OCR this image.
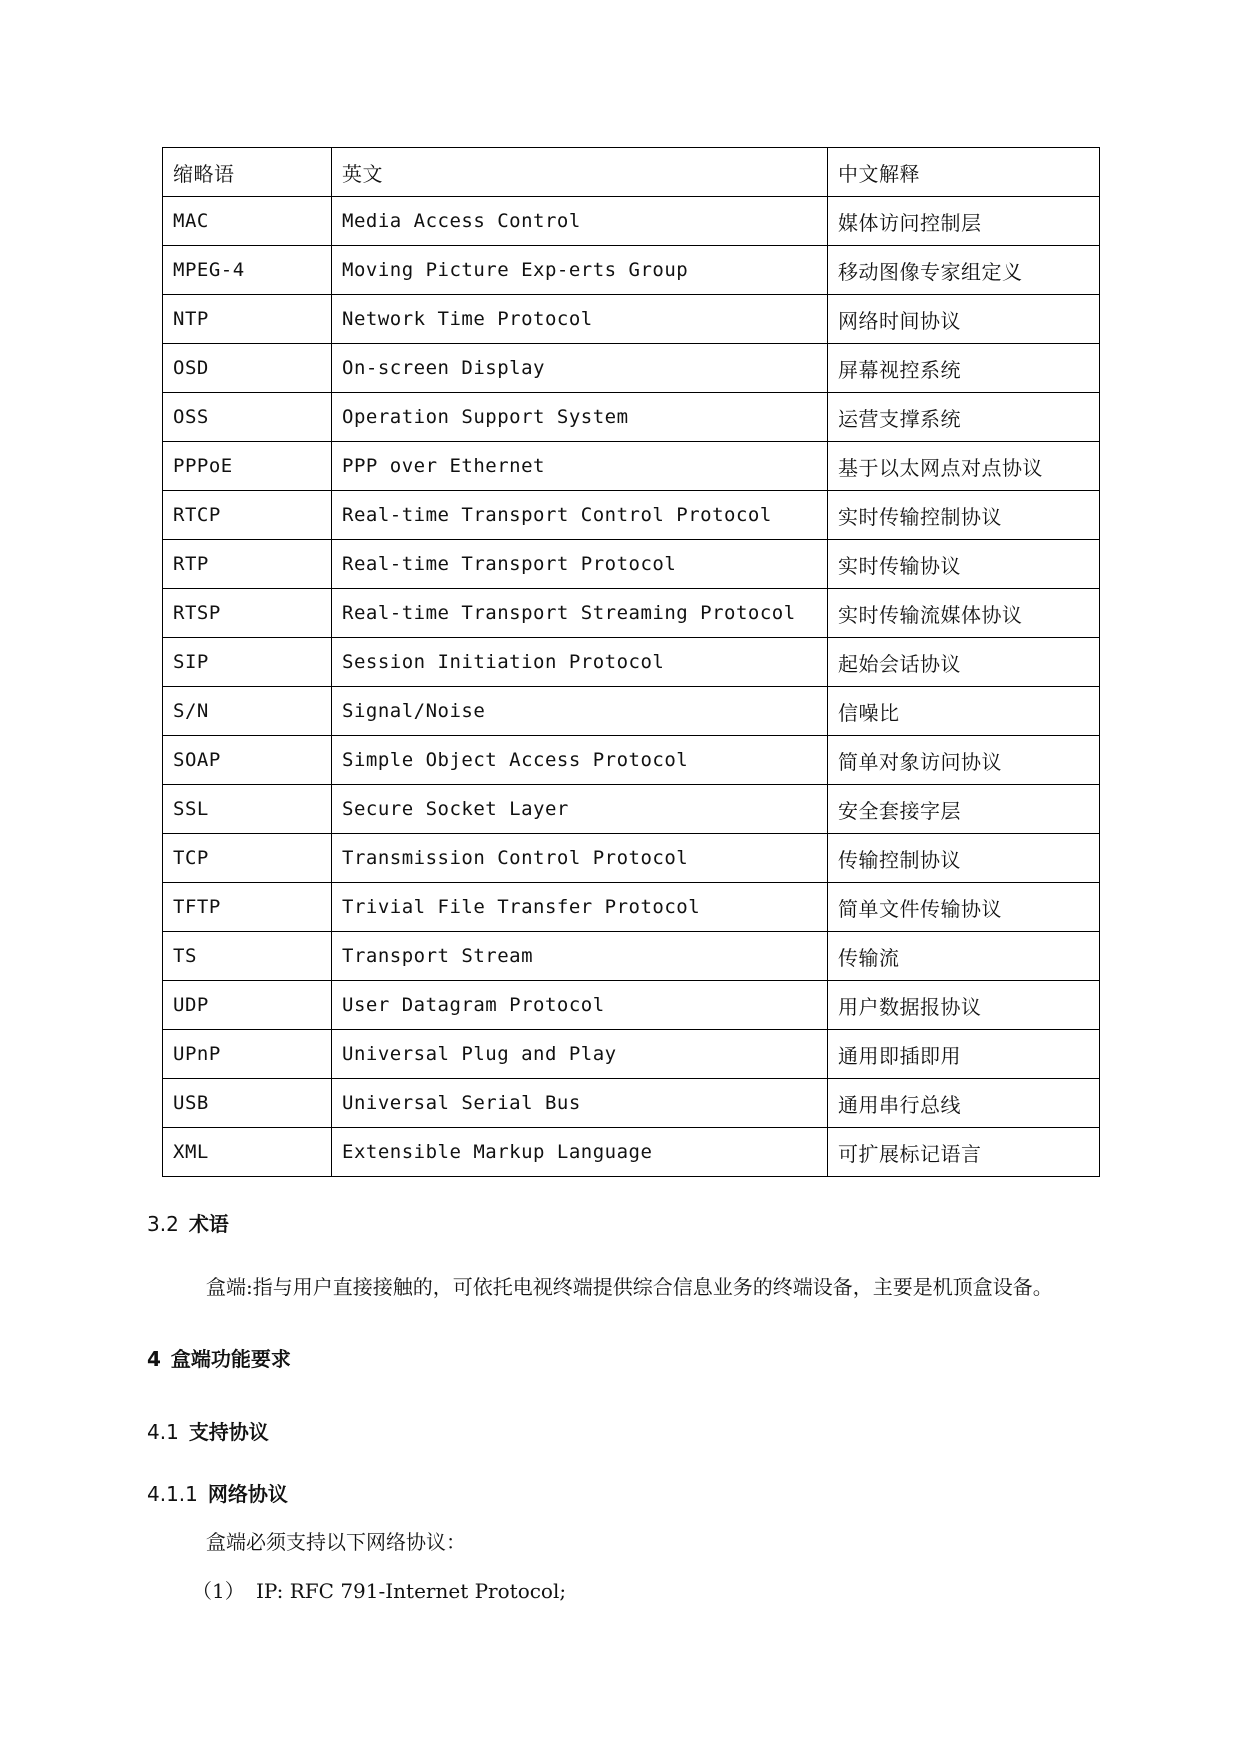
缩略语	英文	中文解释
MAC	Media Access Control	媒体访问控制层
MPEG-4	Moving Picture Exp-erts Group	移动图像专家组定义
NTP	Network Time Protocol	网络时间协议
OSD	On-screen Display	屏幕视控系统
OSS	Operation Support System	运营支撑系统
PPPoE	PPP over Ethernet	基于以太网点对点协议
RTCP	Real-time Transport Control Protocol	实时传输控制协议
RTP	Real-time Transport Protocol	实时传输协议
RTSP	Real-time Transport Streaming Protocol	实时传输流媒体协议
SIP	Session Initiation Protocol	起始会话协议
S/N	Signal/Noise	信噪比
SOAP	Simple Object Access Protocol	简单对象访问协议
SSL	Secure Socket Layer	安全套接字层
TCP	Transmission Control Protocol	传输控制协议
TFTP	Trivial File Transfer Protocol	简单文件传输协议
TS	Transport Stream	传输流
UDP	User Datagram Protocol	用户数据报协议
UPnP	Universal Plug and Play	通用即插即用
USB	Universal Serial Bus	通用串行总线
XML	Extensible Markup Language	可扩展标记语言
3.2 术语
盒端:指与用户直接接触的，可依托电视终端提供综合信息业务的终端设备，主要是机顶盒设备。
4 盒端功能要求
4.1 支持协议
4.1.1 网络协议
盒端必须支持以下网络协议：
（1） IP: RFC 791-Internet Protocol;
